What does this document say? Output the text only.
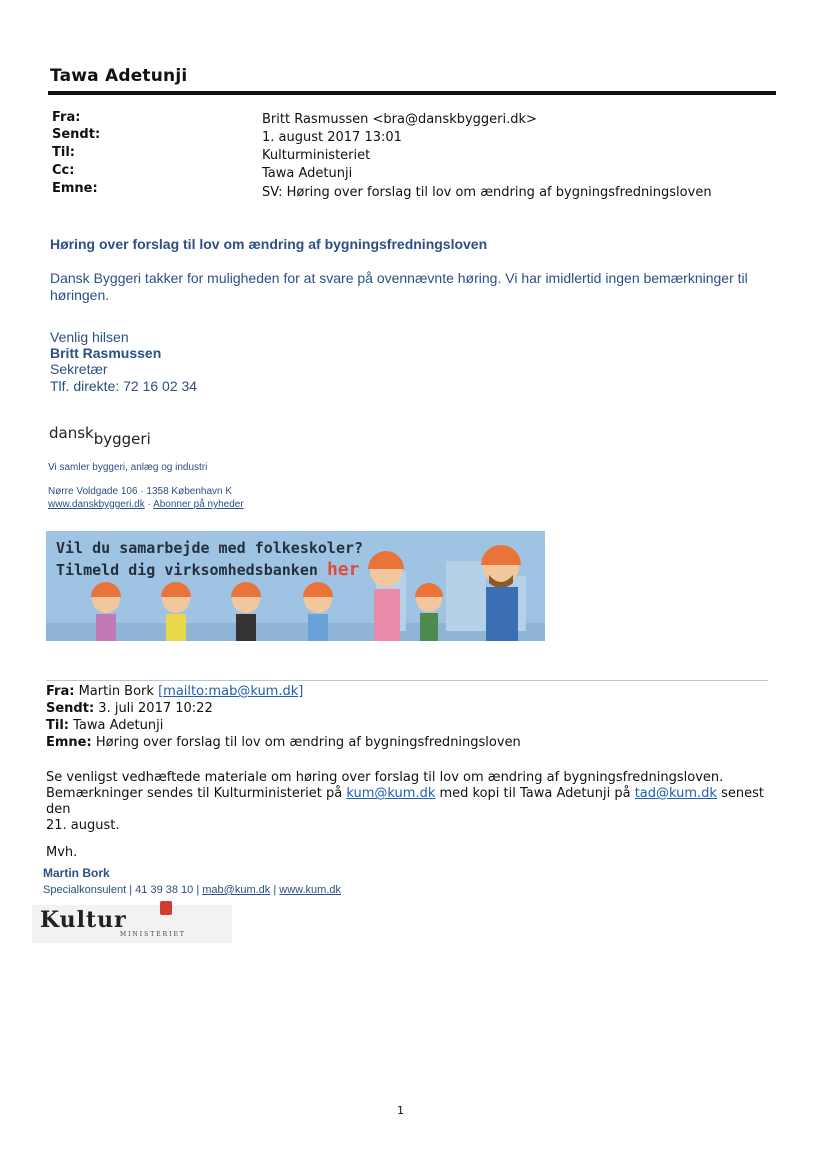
Tawa Adetunji
Fra:
Sendt:
Til:
Cc:
Emne:
Britt Rasmussen <bra@danskbyggeri.dk>
1. august 2017 13:01
Kulturministeriet
Tawa Adetunji
SV: Høring over forslag til lov om ændring af bygningsfredningsloven
Høring over forslag til lov om ændring af bygningsfredningsloven
Dansk Byggeri takker for muligheden for at svare på ovennævnte høring. Vi har imidlertid ingen bemærkninger til høringen.
Venlig hilsen
Britt Rasmussen
Sekretær
Tlf. direkte: 72 16 02 34
danskbyggeri
Vi samler byggeri, anlæg og industri
Nørre Voldgade 106 · 1358 København K
www.danskbyggeri.dk · Abonner på nyheder
Vil du samarbejde med folkeskoler?
Tilmeld dig virksomhedsbanken her
Fra: Martin Bork [mailto:mab@kum.dk]
Sendt: 3. juli 2017 10:22
Til: Tawa Adetunji
Emne: Høring over forslag til lov om ændring af bygningsfredningsloven
Se venligst vedhæftede materiale om høring over forslag til lov om ændring af bygningsfredningsloven.
Bemærkninger sendes til Kulturministeriet på kum@kum.dk med kopi til Tawa Adetunji på tad@kum.dk senest den
21. august.
Mvh.
Martin Bork
Specialkonsulent | 41 39 38 10 | mab@kum.dk | www.kum.dk
Kultur
MINISTERIET
1
